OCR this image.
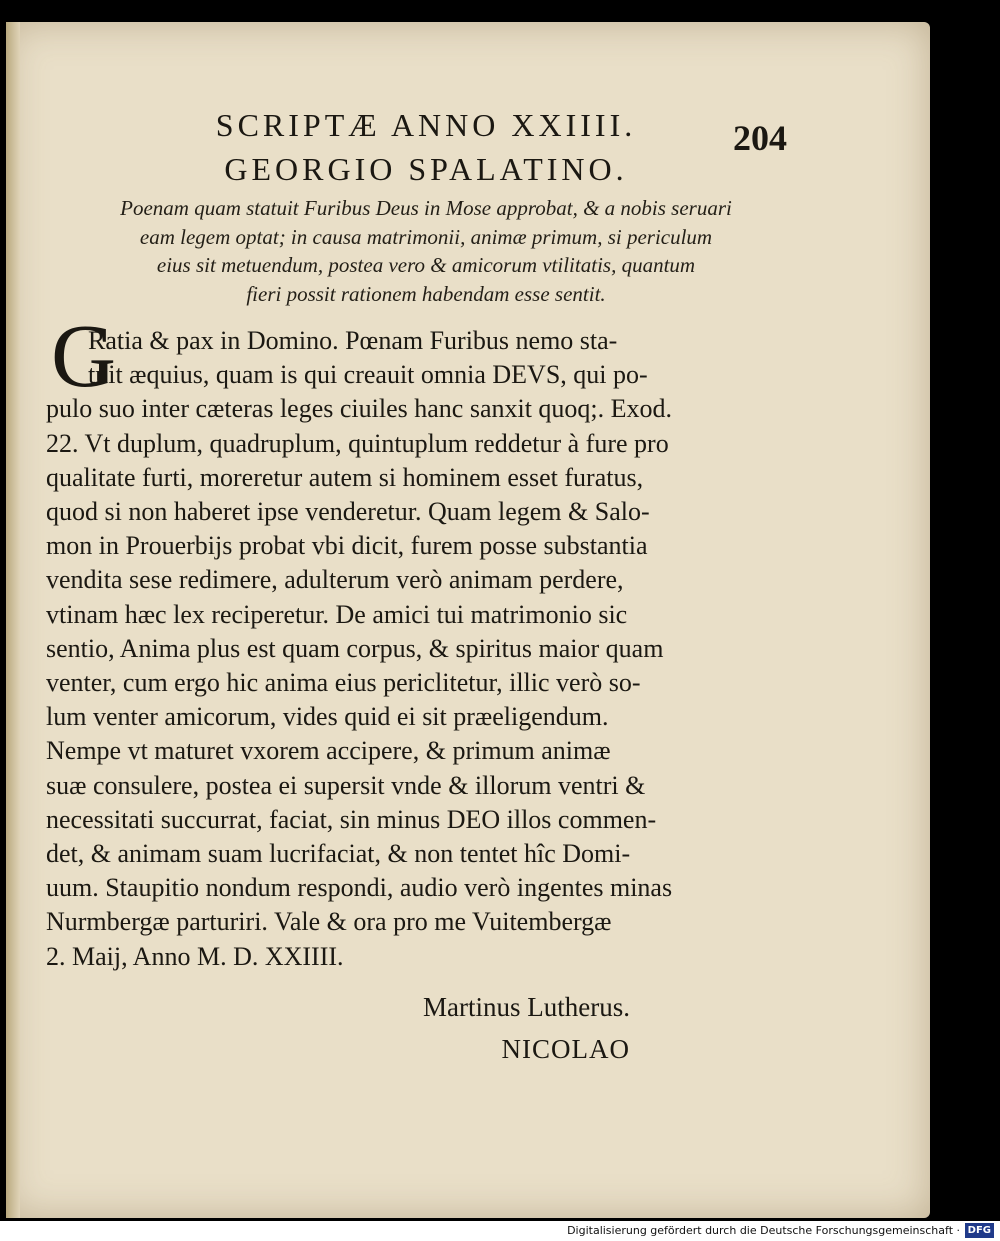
SCRIPTÆ ANNO XXIIII.
GEORGIO SPALATINO.
204
Poenam quam statuit Furibus Deus in Mose approbat, & a nobis seruari
eam legem optat; in causa matrimonii, animæ primum, si periculum
eius sit metuendum, postea vero & amicorum vtilitatis, quantum
fieri possit rationem habendam esse sentit.
G
Ratia & pax in Domino. Pœnam Furibus nemo sta-
tuit æquius, quam is qui creauit omnia DEVS, qui po-
pulo suo inter cæteras leges ciuiles hanc sanxit quoq;. Exod.
22. Vt duplum, quadruplum, quintuplum reddetur à fure pro
qualitate furti, moreretur autem si hominem esset furatus,
quod si non haberet ipse venderetur. Quam legem & Salo-
mon in Prouerbijs probat vbi dicit, furem posse substantia
vendita sese redimere, adulterum verò animam perdere,
vtinam hæc lex reciperetur. De amici tui matrimonio sic
sentio, Anima plus est quam corpus, & spiritus maior quam
venter, cum ergo hic anima eius periclitetur, illic verò so-
lum venter amicorum, vides quid ei sit præeligendum.
Nempe vt maturet vxorem accipere, & primum animæ
suæ consulere, postea ei supersit vnde & illorum ventri &
necessitati succurrat, faciat, sin minus DEO illos commen-
det, & animam suam lucrifaciat, & non tentet hîc Domi-
uum. Staupitio nondum respondi, audio verò ingentes minas
Nurmbergæ parturiri. Vale & ora pro me Vuitembergæ
2. Maij, Anno M. D. XXIIII.
Martinus Lutherus.
NICOLAO
Digitalisierung gefördert durch die Deutsche Forschungsgemeinschaft · DFG
